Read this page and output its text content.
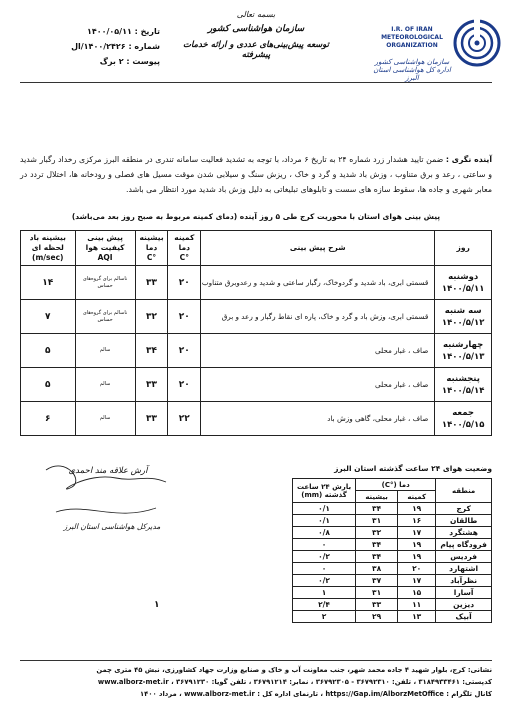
I.R. OF IRAN METEOROLOGICAL ORGANIZATION
سازمان هواشناسی کشور
اداره کل هواشناسی استان البرز
بسمه تعالی
سازمان هواشناسی کشور
توسعه پیش‌بینی‌های عددی و ارائه خدمات پیشرفته
تاریخ : ۱۴۰۰/۰۵/۱۱
شماره : ۱۴۰۰/۲۴۲۶/ال
پیوست : ۲ برگ
آینده نگری : ضمن تایید هشدار زرد شماره ۲۴ به تاریخ ۶ مرداد، با توجه به تشدید فعالیت سامانه تندری در منطقه البرز مرکزی رخداد رگبار شدید و ساعتی ، رعد و برق متناوب ، وزش باد شدید و گرد و خاک ، ریزش سنگ و سیلابی شدن موقت مسیل های فصلی و رودخانه ها، اختلال تردد در معابر شهری و جاده ها، سقوط سازه های سست و تابلوهای تبلیغاتی به دلیل وزش باد شدید مورد انتظار می باشد.
پیش بینی هوای استان با محوریت کرج طی ۵ روز آینده (دمای کمینه مربوط به صبح روز بعد می‌باشد)
روز	شرح پیش بینی	کمینه دما
°C	بیشینه دما
°C	پیش بینی کیفیت هوا
AQI	بیشینه باد لحظه ای
(m/sec)

دوشنبه
۱۴۰۰/۵/۱۱	قسمتی ابری، باد شدید و گردوخاک، رگبار ساعتی و شدید و رعدوبرق متناوب	۲۰	۳۳	ناسالم برای گروه‌های حساس	۱۴

سه شنبه
۱۴۰۰/۵/۱۲	قسمتی ابری، وزش باد و گرد و خاک، پاره ای نقاط رگبار و رعد و برق	۲۰	۳۲	ناسالم برای گروه‌های حساس	۷

چهارشنبه
۱۴۰۰/۵/۱۳	صاف ، غبار محلی	۲۰	۳۴	سالم	۵

پنجشنبه
۱۴۰۰/۵/۱۴	صاف ، غبار محلی	۲۰	۳۳	سالم	۵

جمعه
۱۴۰۰/۵/۱۵	صاف ، غبار محلی، گاهی وزش باد	۲۲	۳۳	سالم	۶
وضعیت هوای ۲۴ ساعت گذشته استان البرز
منطقه	دما (°C)		بارش ۲۴ ساعت گذشته (mm)
	کمینه	بیشینه	
کرج	۱۹	۳۴	۰/۱
طالقان	۱۶	۳۱	۰/۱
هشتگرد	۱۷	۳۲	۰/۸
فرودگاه پیام	۱۹	۳۴	۰
فردیس	۱۹	۳۴	۰/۲
اشتهارد	۲۰	۳۸	۰
نظرآباد	۱۷	۳۷	۰/۲
آسارا	۱۵	۳۱	۱
دیزین	۱۱	۳۳	۲/۴
آبیک	۱۳	۲۹	۲
آرش علاقه مند احمدی
مدیرکل هواشناسی استان البرز
۱
نشانی: کرج، بلوار شهید ۴ جاده محمد شهر، جنب معاونت آب و خاک و صنایع وزارت جهاد کشاورزی، نبش ۴۵ متری چمن
کدپستی: ۳۱۸۴۹۳۳۴۶۱ ، تلفن: ۳۶۷۹۲۳۱۰ - ۳۶۷۹۲۳۰۵ ، نمابر: ۳۶۷۹۱۲۱۴ ، تلفن گویا: ۳۶۷۹۱۲۳۰ ، www.alborz-met.ir
کانال تلگرام : https://Gap.im/AlborzMetOffice ، تارنمای اداره کل : www.alborz-met.ir ، مرداد ۱۴۰۰
